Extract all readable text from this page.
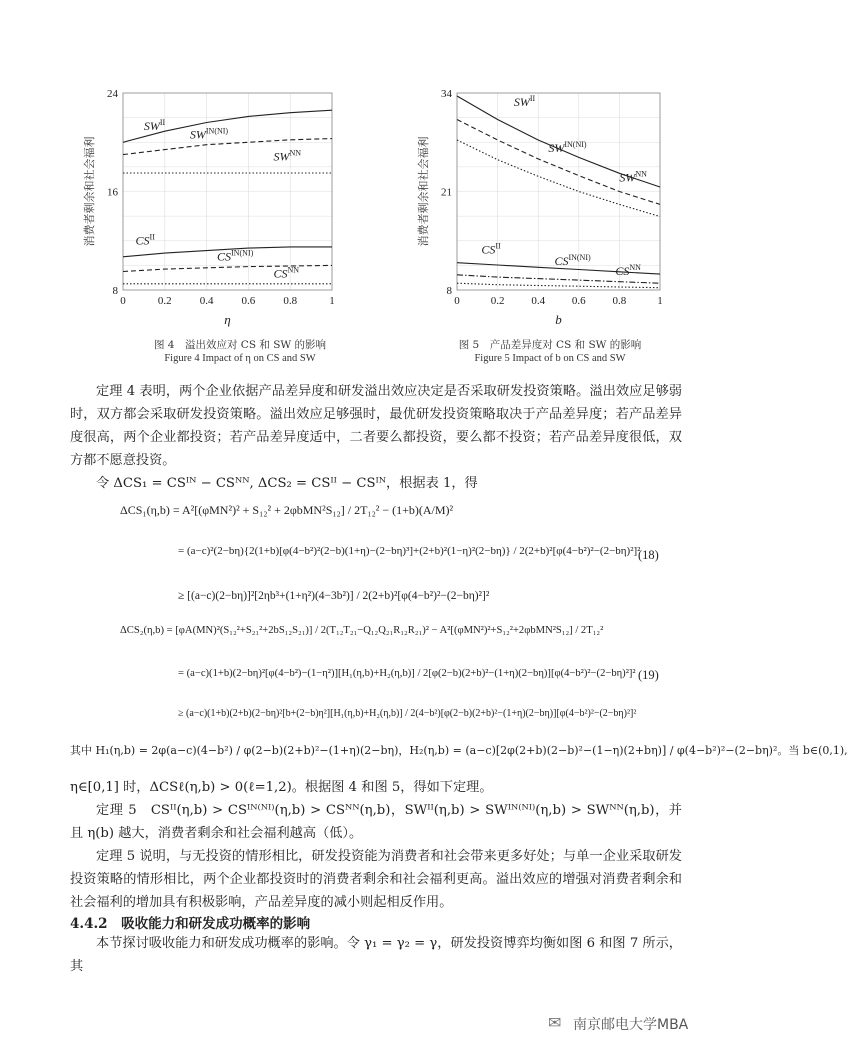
0	0.2	0.4	0.6	0.8	1
24
16
8
$SW^{II}$
$SW^{IN(NI)}$
$SW^{NN}$
$CS^{II}$
$CS^{IN(NI)}$
$CS^{NN}$
η
消费者剩余和社会福利
0	0.2 0.4 0.6 0.8	1
34
21
8
$SW^{II}$
$SW^{IN(NI)}$
$SW^{NN}$
$CS^{II}$
$CS^{IN(NI)}$
$CS^{NN}$
b
消费者剩余和社会福利
图 4　溢出效应对 CS 和 SW 的影响
Figure 4 Impact of η on CS and SW
图 5　产品差异度对 CS 和 SW 的影响
Figure 5 Impact of b on CS and SW
定理 4 表明，两个企业依据产品差异度和研发溢出效应决定是否采取研发投资策略。溢出效应足够弱时，双方都会采取研发投资策略。溢出效应足够强时，最优研发投资策略取决于产品差异度；若产品差异度很高，两个企业都投资；若产品差异度适中，二者要么都投资，要么都不投资；若产品差异度很低，双方都不愿意投资。
令 ΔCS₁ = CSᴵᴺ − CSᴺᴺ, ΔCS₂ = CSᴵᴵ − CSᴵᴺ，根据表 1，得
ΔCS₁(η,b) = A²[(φMN²)² + S₁₂² + 2φbMN²S₁₂] / 2T₁₂² − (1+b)(A/M)²
= (a−c)²(2−bη){2(1+b)[φ(4−b²)²(2−b)(1+η)−(2−bη)³]+(2+b)²(1−η)²(2−bη)} / 2(2+b)²[φ(4−b²)²−(2−bη)²]²
≥ [(a−c)(2−bη)]²[2ηb³+(1+η²)(4−3b²)] / 2(2+b)²[φ(4−b²)²−(2−bη)²]²
(18)
ΔCS₂(η,b) = [φA(MN)²(S₁₂²+S₂₁²+2bS₁₂S₂₁)] / 2(T₁₂T₂₁−Q₁₂Q₂₁R₁₂R₂₁)² − A²[(φMN²)²+S₁₂²+2φbMN²S₁₂] / 2T₁₂²
= (a−c)(1+b)(2−bη)²[φ(4−b²)−(1−η²)][H₁(η,b)+H₂(η,b)] / 2[φ(2−b)(2+b)²−(1+η)(2−bη)][φ(4−b²)²−(2−bη)²]²
≥ (a−c)(1+b)(2+b)(2−bη)²[b+(2−b)η²][H₁(η,b)+H₂(η,b)] / 2(4−b²)[φ(2−b)(2+b)²−(1+η)(2−bη)][φ(4−b²)²−(2−bη)²]²
(19)
其中 H₁(η,b) = 2φ(a−c)(4−b²) / φ(2−b)(2+b)²−(1+η)(2−bη)，H₂(η,b) = (a−c)[2φ(2+b)(2−b)²−(1−η)(2+bη)] / φ(4−b²)²−(2−bη)²。当 b∈(0,1),
η∈[0,1] 时，ΔCSℓ(η,b) > 0(ℓ=1,2)。根据图 4 和图 5，得如下定理。
定理 5　CSᴵᴵ(η,b) > CSᴵᴺ⁽ᴺᴵ⁾(η,b) > CSᴺᴺ(η,b)，SWᴵᴵ(η,b) > SWᴵᴺ⁽ᴺᴵ⁾(η,b) > SWᴺᴺ(η,b)，并且 η(b) 越大，消费者剩余和社会福利越高（低）。
定理 5 说明，与无投资的情形相比，研发投资能为消费者和社会带来更多好处；与单一企业采取研发投资策略的情形相比，两个企业都投资时的消费者剩余和社会福利更高。溢出效应的增强对消费者剩余和社会福利的增加具有积极影响，产品差异度的减小则起相反作用。
4.4.2　吸收能力和研发成功概率的影响
本节探讨吸收能力和研发成功概率的影响。令 γ₁ = γ₂ = γ，研发投资博弈均衡如图 6 和图 7 所示，其
✉ 南京邮电大学MBA
